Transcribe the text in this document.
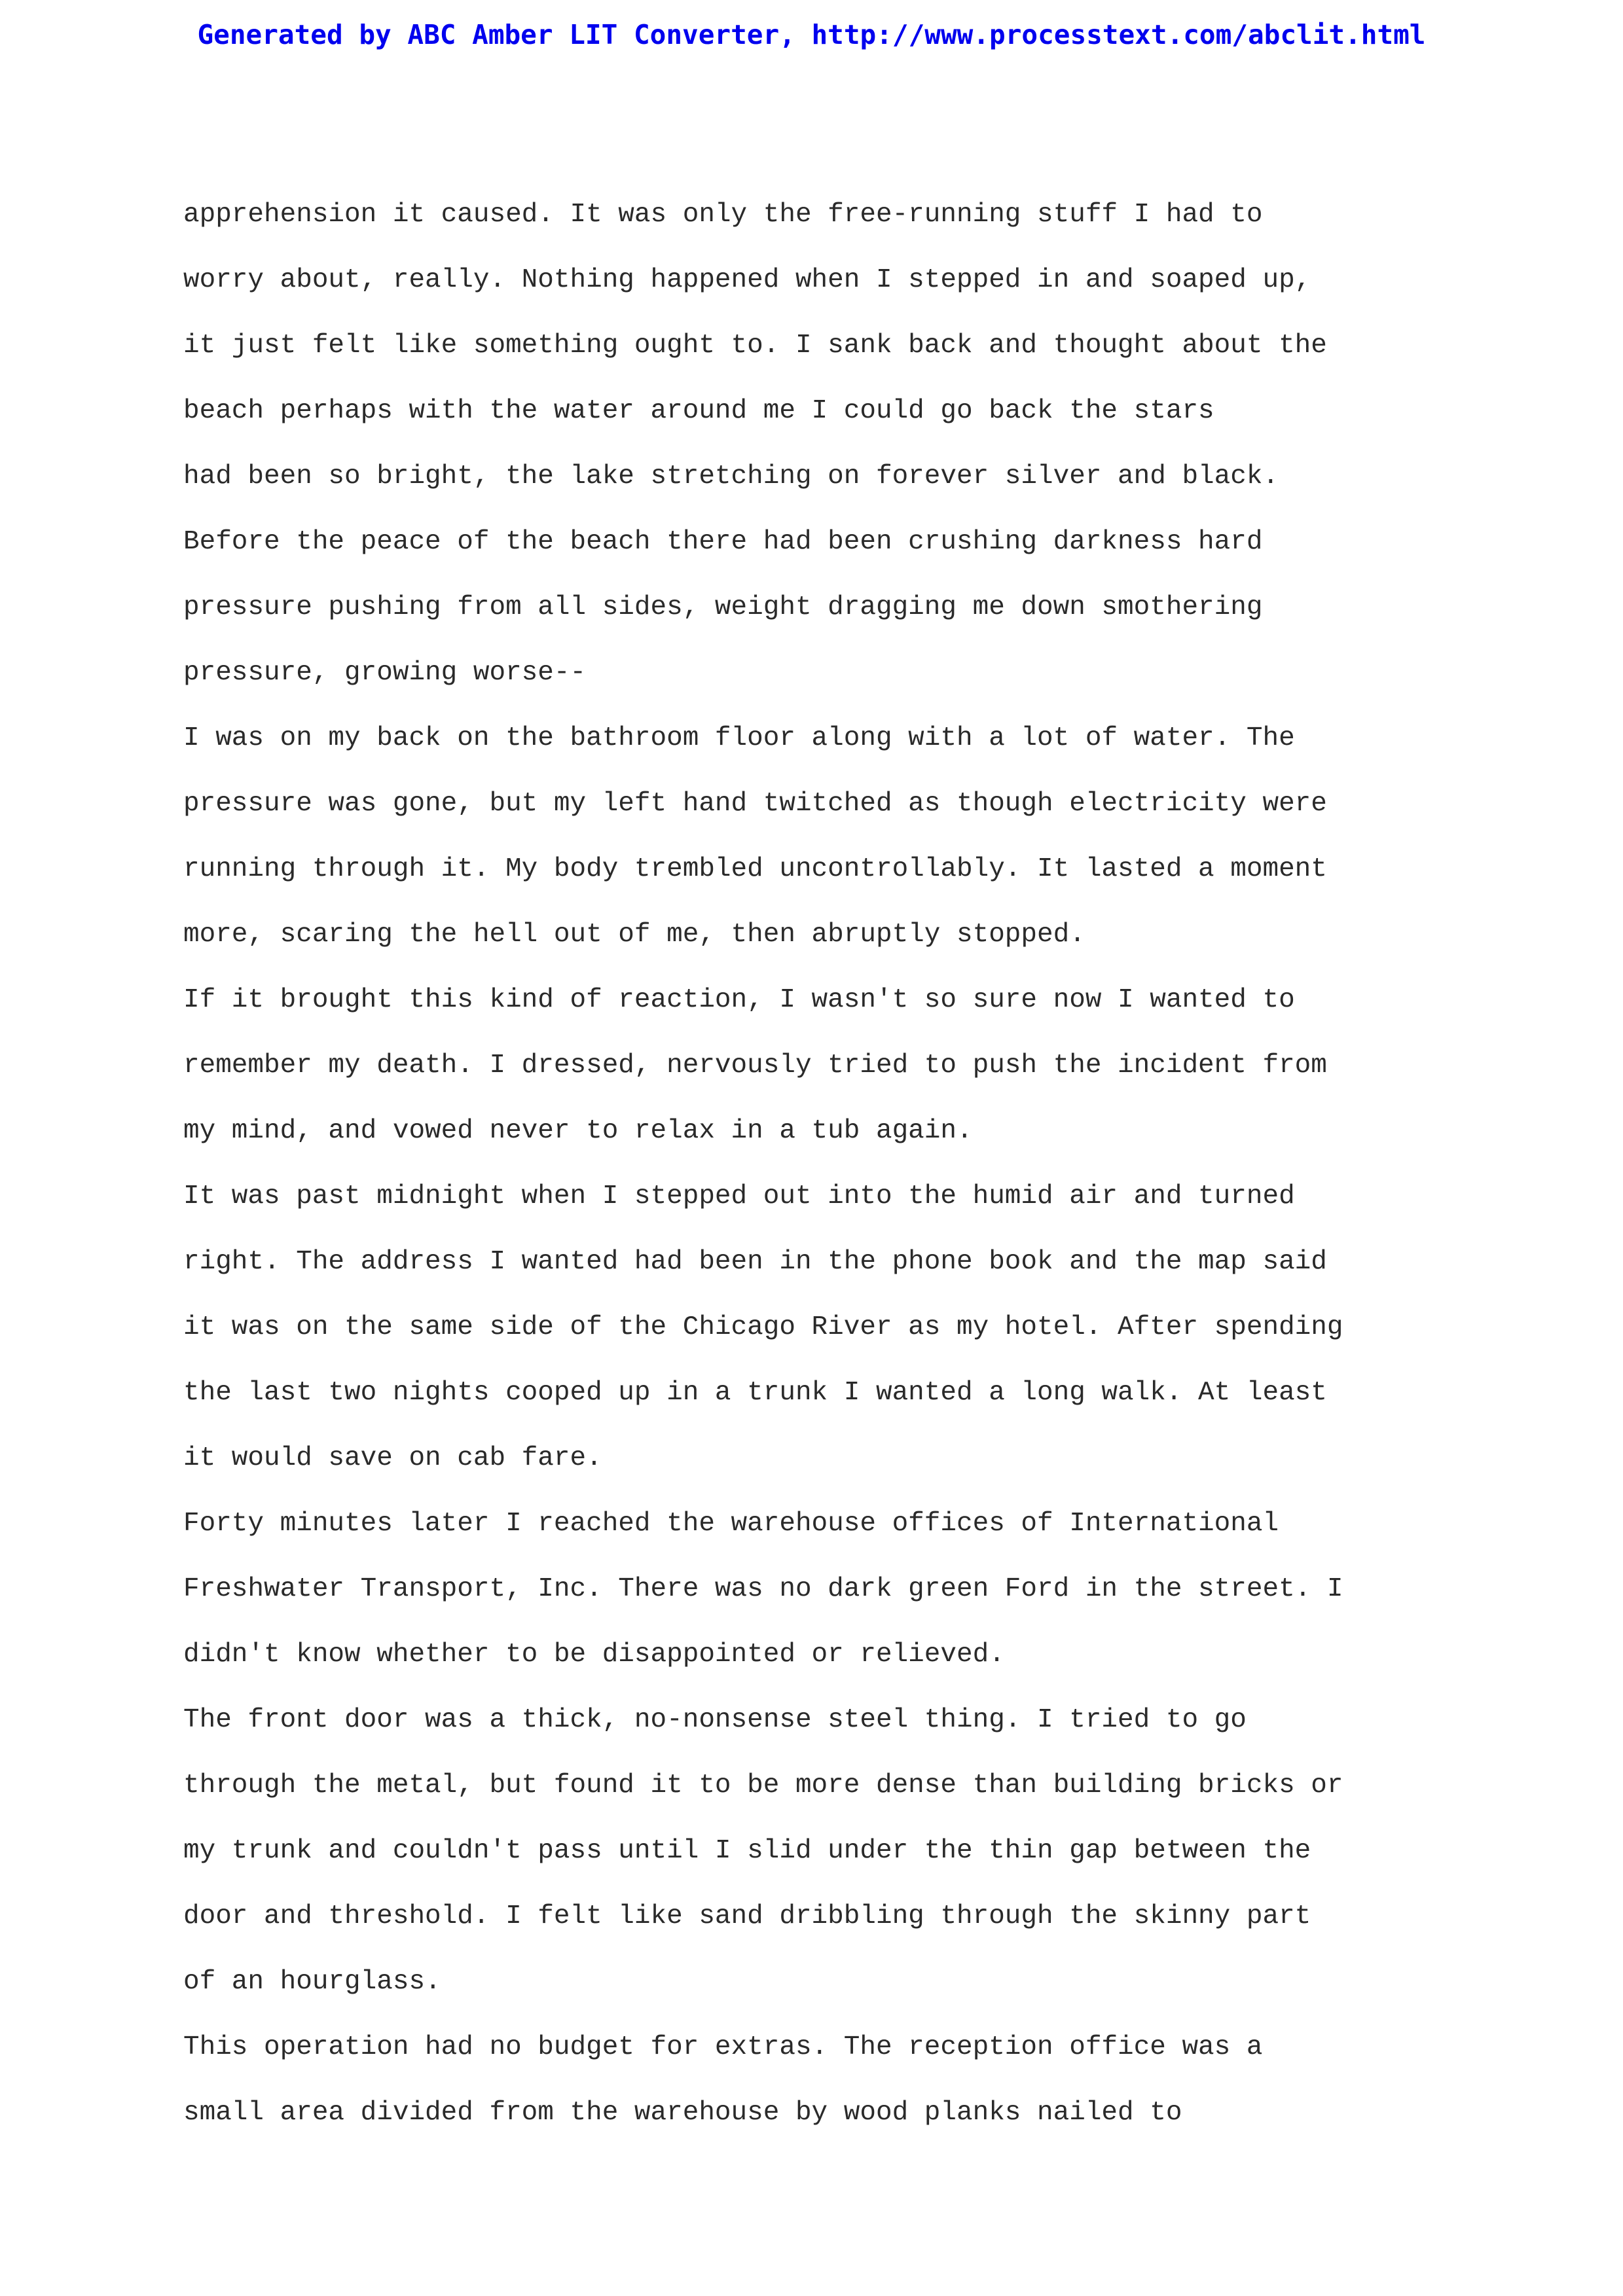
Generated by ABC Amber LIT Converter, http://www.processtext.com/abclit.html
apprehension it caused. It was only the free-running stuff I had to
worry about, really. Nothing happened when I stepped in and soaped up,
it just felt like something ought to. I sank back and thought about the
beach perhaps with the water around me I could go back the stars
had been so bright, the lake stretching on forever silver and black.
Before the peace of the beach there had been crushing darkness hard
pressure pushing from all sides, weight dragging me down smothering
pressure, growing worse--
I was on my back on the bathroom floor along with a lot of water. The
pressure was gone, but my left hand twitched as though electricity were
running through it. My body trembled uncontrollably. It lasted a moment
more, scaring the hell out of me, then abruptly stopped.
If it brought this kind of reaction, I wasn't so sure now I wanted to
remember my death. I dressed, nervously tried to push the incident from
my mind, and vowed never to relax in a tub again.
It was past midnight when I stepped out into the humid air and turned
right. The address I wanted had been in the phone book and the map said
it was on the same side of the Chicago River as my hotel. After spending
the last two nights cooped up in a trunk I wanted a long walk. At least
it would save on cab fare.
Forty minutes later I reached the warehouse offices of International
Freshwater Transport, Inc. There was no dark green Ford in the street. I
didn't know whether to be disappointed or relieved.
The front door was a thick, no-nonsense steel thing. I tried to go
through the metal, but found it to be more dense than building bricks or
my trunk and couldn't pass until I slid under the thin gap between the
door and threshold. I felt like sand dribbling through the skinny part
of an hourglass.
This operation had no budget for extras. The reception office was a
small area divided from the warehouse by wood planks nailed to
